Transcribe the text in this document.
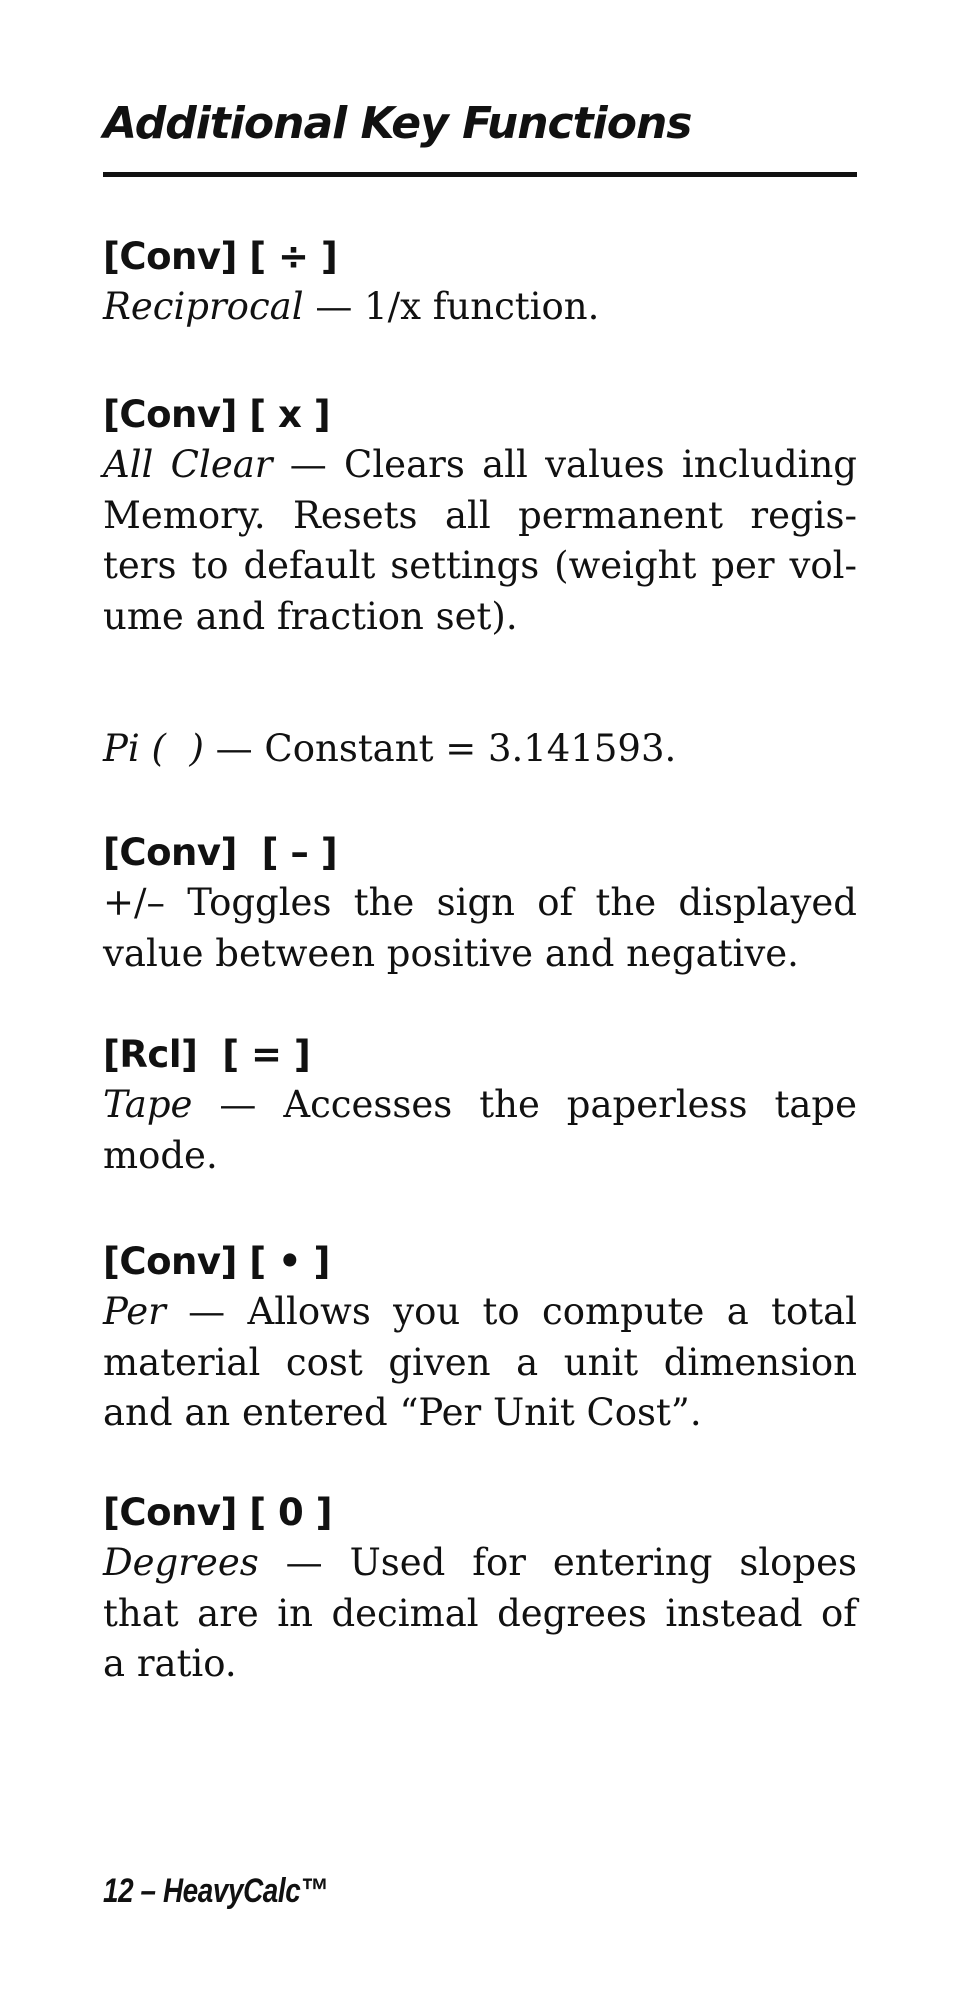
Additional Key Functions
[Conv] [ ÷ ]
Reciprocal — 1/x function.
[Conv] [ x ]
All Clear — Clears all values including
Memory. Resets all permanent regis-
ters to default settings (weight per vol-
ume and fraction set).
Pi (  ) — Constant = 3.141593.
[Conv]  [ – ]
+/– Toggles the sign of the displayed
value between positive and negative.
[Rcl]  [ = ]
Tape — Accesses the paperless tape
mode.
[Conv] [ • ]
Per — Allows you to compute a total
material cost given a unit dimension
and an entered “Per Unit Cost”.
[Conv] [ 0 ]
Degrees — Used for entering slopes
that are in decimal degrees instead of
a ratio.
12 – HeavyCalc™
